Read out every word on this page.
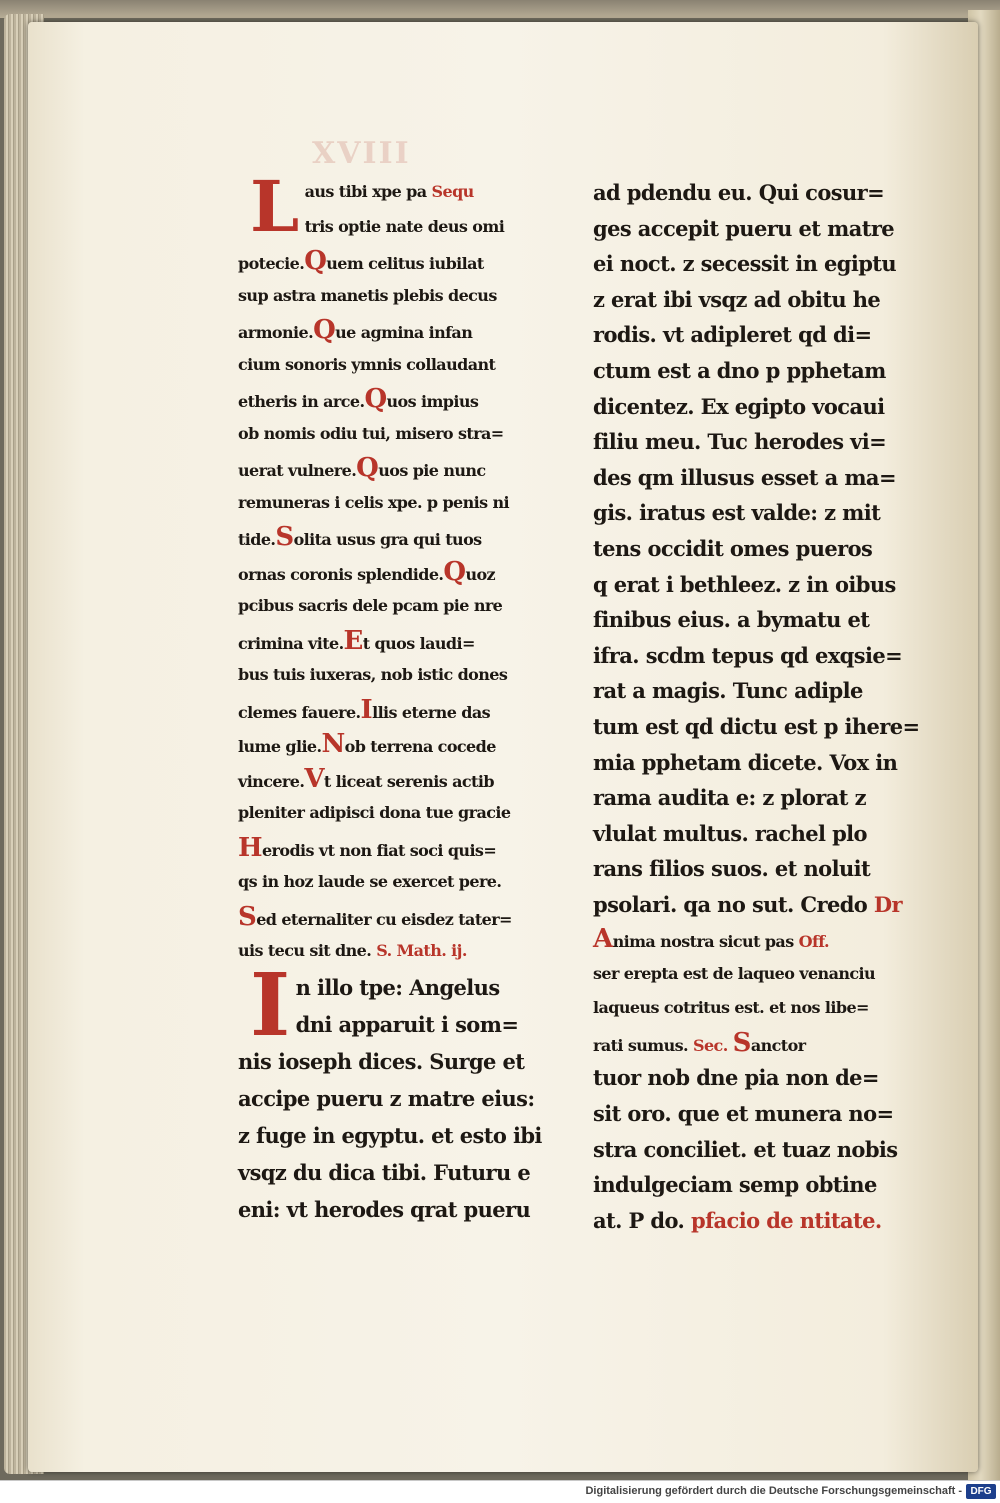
XVIII
Laus tibi xpe pa Sequ
tris optie nate deus omi
potecie.Quem celitus iubilat
sup astra manetis plebis decus
armonie.Que agmina infan
cium sonoris ymnis collaudant
etheris in arce.Quos impius
ob nomis odiu tui, misero stra=
uerat vulnere.Quos pie nunc
remuneras i celis xpe. p penis ni
tide.Solita usus gra qui tuos
ornas coronis splendide.Quoz
pcibus sacris dele pcam pie nre
crimina vite.Et quos laudi=
bus tuis iuxeras, nob istic dones
clemes fauere.Illis eterne das
lume glie.Nob terrena cocede
vincere.Vt liceat serenis actib
pleniter adipisci dona tue gracie
Herodis vt non fiat soci quis=
qs in hoz laude se exercet pere.
Sed eternaliter cu eisdez tater=
uis tecu sit dne. S. Math. ij.
In illo tpe: Angelus
dni apparuit i som=
nis ioseph dices. Surge et
accipe pueru z matre eius:
z fuge in egyptu. et esto ibi
vsqz du dica tibi. Futuru e
eni: vt herodes qrat pueru
ad pdendu eu. Qui cosur=
ges accepit pueru et matre
ei noct. z secessit in egiptu
z erat ibi vsqz ad obitu he
rodis. vt adipleret qd di=
ctum est a dno p pphetam
dicentez. Ex egipto vocaui
filiu meu. Tuc herodes vi=
des qm illusus esset a ma=
gis. iratus est valde: z mit
tens occidit omes pueros
q erat i bethleez. z in oibus
finibus eius. a bymatu et
ifra. scdm tepus qd exqsie=
rat a magis. Tunc adiple
tum est qd dictu est p ihere=
mia pphetam dicete. Vox in
rama audita e: z plorat z
vlulat multus. rachel plo
rans filios suos. et noluit
psolari. qa no sut. Credo Dr
Anima nostra sicut pas Off.
ser erepta est de laqueo venanciu
laqueus cotritus est. et nos libe=
rati sumus. Sec. Sanctor
tuor nob dne pia non de=
sit oro. que et munera no=
stra conciliet. et tuaz nobis
indulgeciam semp obtine
at. P do. pfacio de ntitate.
Digitalisierung gefördert durch die Deutsche Forschungsgemeinschaft - DFG
